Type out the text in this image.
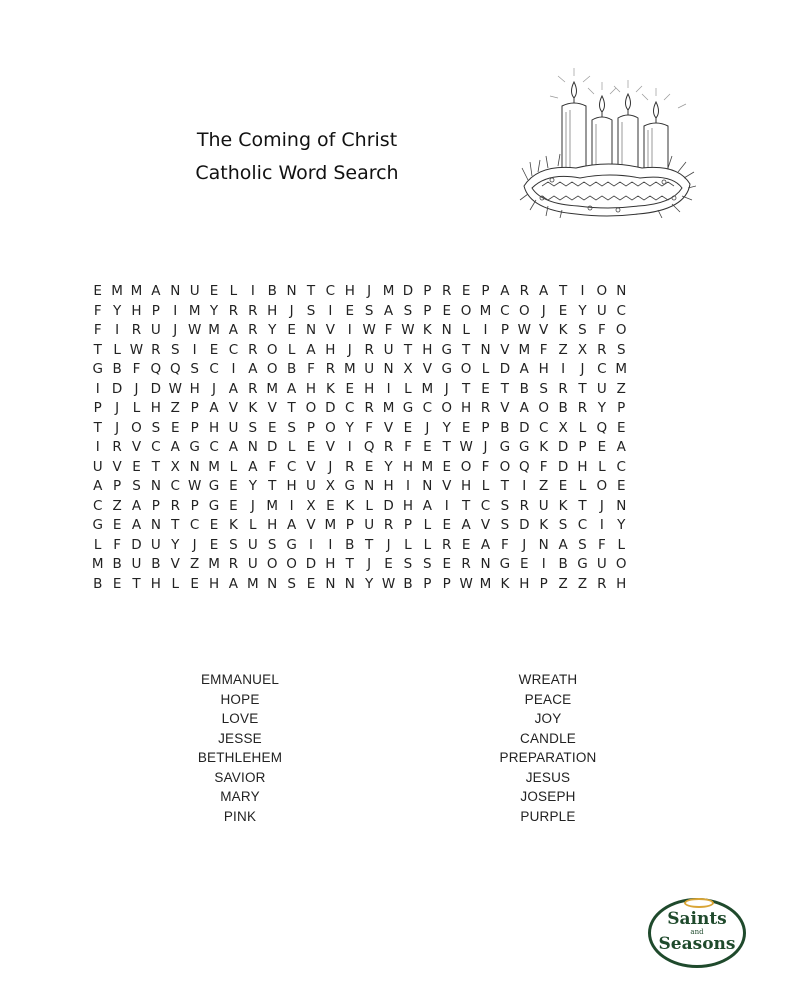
The Coming of Christ
Catholic Word Search
E M M A N U E L I B N T C H J M D P R E P A R A T I O N
F Y H P I M Y R R H J S I E S A S P E O M C O J E Y U C
F I R U J W M A R Y E N V I W F W K N L I P W V K S F O
T L W R S I E C R O L A H J R U T H G T N V M F Z X R S
G B F Q Q S C I A O B F R M U N X V G O L D A H I J C M
I D J D W H J A R M A H K E H I L M J T E T B S R T U Z
P J L H Z P A V K V T O D C R M G C O H R V A O B R Y P
T J O S E P H U S E S P O Y F V E J Y E P B D C X L Q E
I R V C A G C A N D L E V I Q R F E T W J G G K D P E A
U V E T X N M L A F C V J R E Y H M E O F O Q F D H L C
A P S N C W G E Y T H U X G N H I N V H L T I Z E L O E
C Z A P R P G E J M I X E K L D H A I T C S R U K T J N
G E A N T C E K L H A V M P U R P L E A V S D K S C I Y
L F D U Y J E S U S G I I B T J L L R E A F J N A S F L
M B U B V Z M R U O O D H T J E S S E R N G E I B G U O
B E T H L E H A M N S E N N Y W B P P W M K H P Z Z R H
EMMANUEL
HOPE
LOVE
JESSE
BETHLEHEM
SAVIOR
MARY
PINK
WREATH
PEACE
JOY
CANDLE
PREPARATION
JESUS
JOSEPH
PURPLE
Saints
and
Seasons
